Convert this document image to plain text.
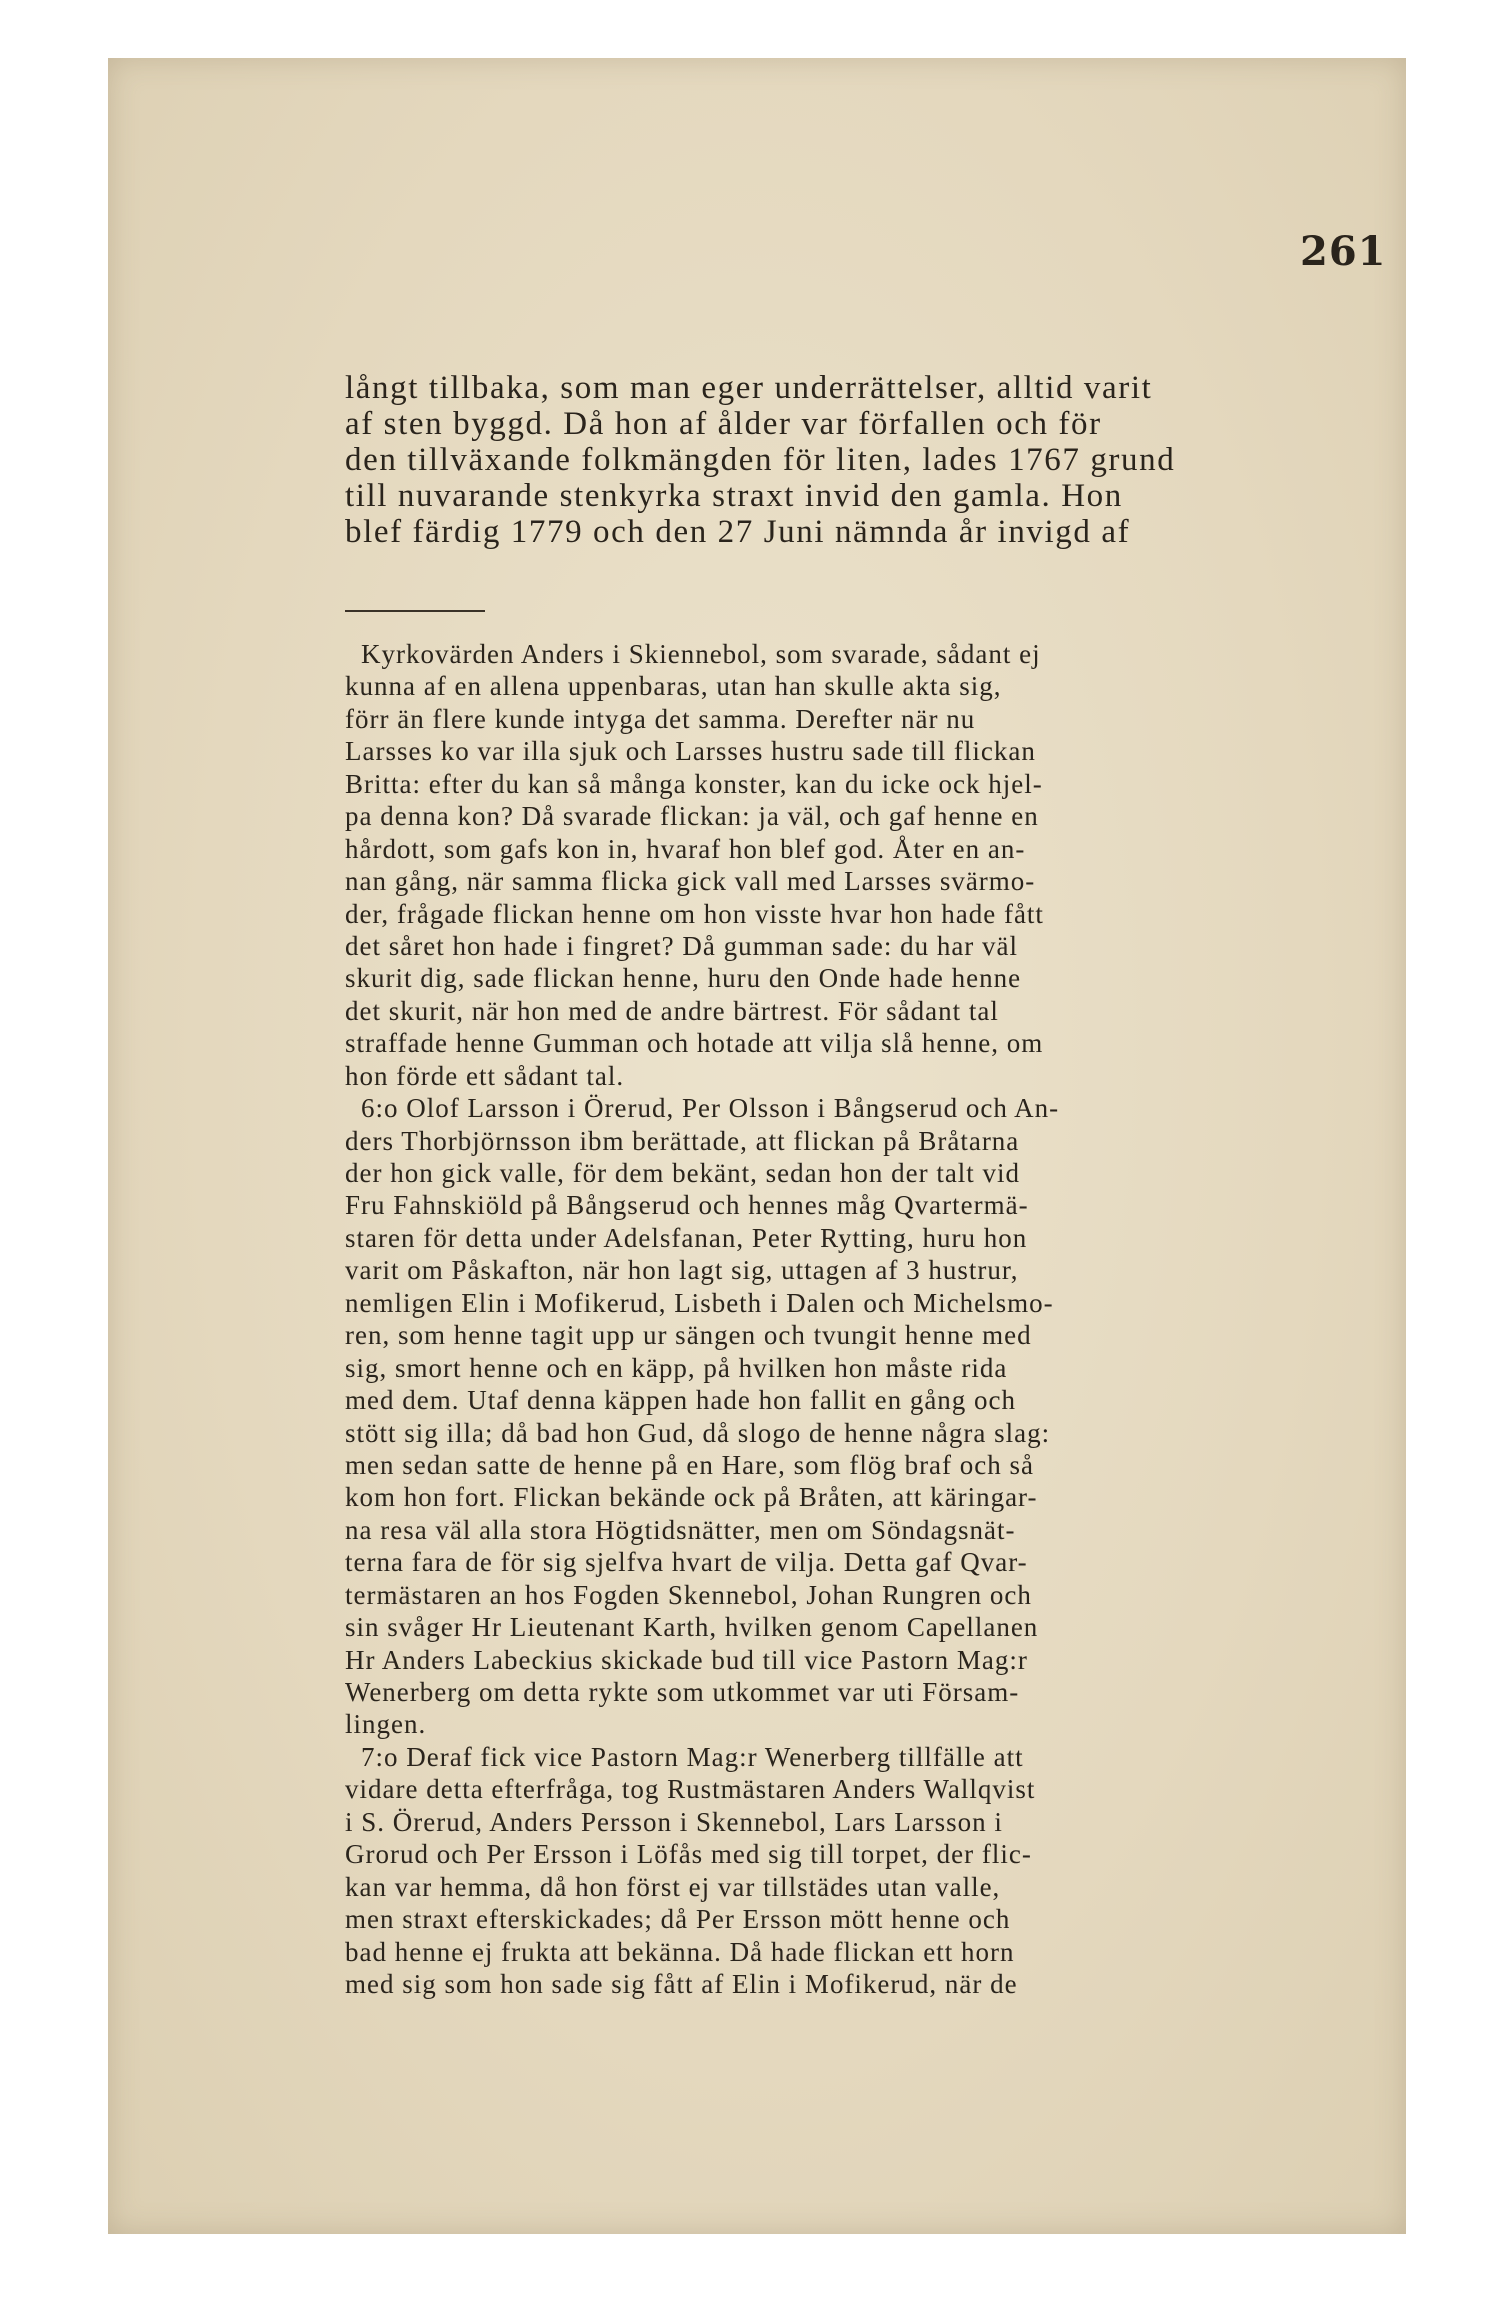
261
långt tillbaka, som man eger underrättelser, alltid varit
af sten byggd. Då hon af ålder var förfallen och för
den tillväxande folkmängden för liten, lades 1767 grund
till nuvarande stenkyrka straxt invid den gamla. Hon
blef färdig 1779 och den 27 Juni nämnda år invigd af
Kyrkovärden Anders i Skiennebol, som svarade, sådant ej
kunna af en allena uppenbaras, utan han skulle akta sig,
förr än flere kunde intyga det samma. Derefter när nu
Larsses ko var illa sjuk och Larsses hustru sade till flickan
Britta: efter du kan så många konster, kan du icke ock hjel-
pa denna kon? Då svarade flickan: ja väl, och gaf henne en
hårdott, som gafs kon in, hvaraf hon blef god. Åter en an-
nan gång, när samma flicka gick vall med Larsses svärmo-
der, frågade flickan henne om hon visste hvar hon hade fått
det såret hon hade i fingret? Då gumman sade: du har väl
skurit dig, sade flickan henne, huru den Onde hade henne
det skurit, när hon med de andre bärtrest. För sådant tal
straffade henne Gumman och hotade att vilja slå henne, om
hon förde ett sådant tal.
6:o Olof Larsson i Örerud, Per Olsson i Bångserud och An-
ders Thorbjörnsson ibm berättade, att flickan på Bråtarna
der hon gick valle, för dem bekänt, sedan hon der talt vid
Fru Fahnskiöld på Bångserud och hennes måg Qvartermä-
staren för detta under Adelsfanan, Peter Rytting, huru hon
varit om Påskafton, när hon lagt sig, uttagen af 3 hustrur,
nemligen Elin i Mofikerud, Lisbeth i Dalen och Michelsmo-
ren, som henne tagit upp ur sängen och tvungit henne med
sig, smort henne och en käpp, på hvilken hon måste rida
med dem. Utaf denna käppen hade hon fallit en gång och
stött sig illa; då bad hon Gud, då slogo de henne några slag:
men sedan satte de henne på en Hare, som flög braf och så
kom hon fort. Flickan bekände ock på Bråten, att käringar-
na resa väl alla stora Högtidsnätter, men om Söndagsnät-
terna fara de för sig sjelfva hvart de vilja. Detta gaf Qvar-
termästaren an hos Fogden Skennebol, Johan Rungren och
sin svåger Hr Lieutenant Karth, hvilken genom Capellanen
Hr Anders Labeckius skickade bud till vice Pastorn Mag:r
Wenerberg om detta rykte som utkommet var uti Försam-
lingen.
7:o Deraf fick vice Pastorn Mag:r Wenerberg tillfälle att
vidare detta efterfråga, tog Rustmästaren Anders Wallqvist
i S. Örerud, Anders Persson i Skennebol, Lars Larsson i
Grorud och Per Ersson i Löfås med sig till torpet, der flic-
kan var hemma, då hon först ej var tillstädes utan valle,
men straxt efterskickades; då Per Ersson mött henne och
bad henne ej frukta att bekänna. Då hade flickan ett horn
med sig som hon sade sig fått af Elin i Mofikerud, när de
